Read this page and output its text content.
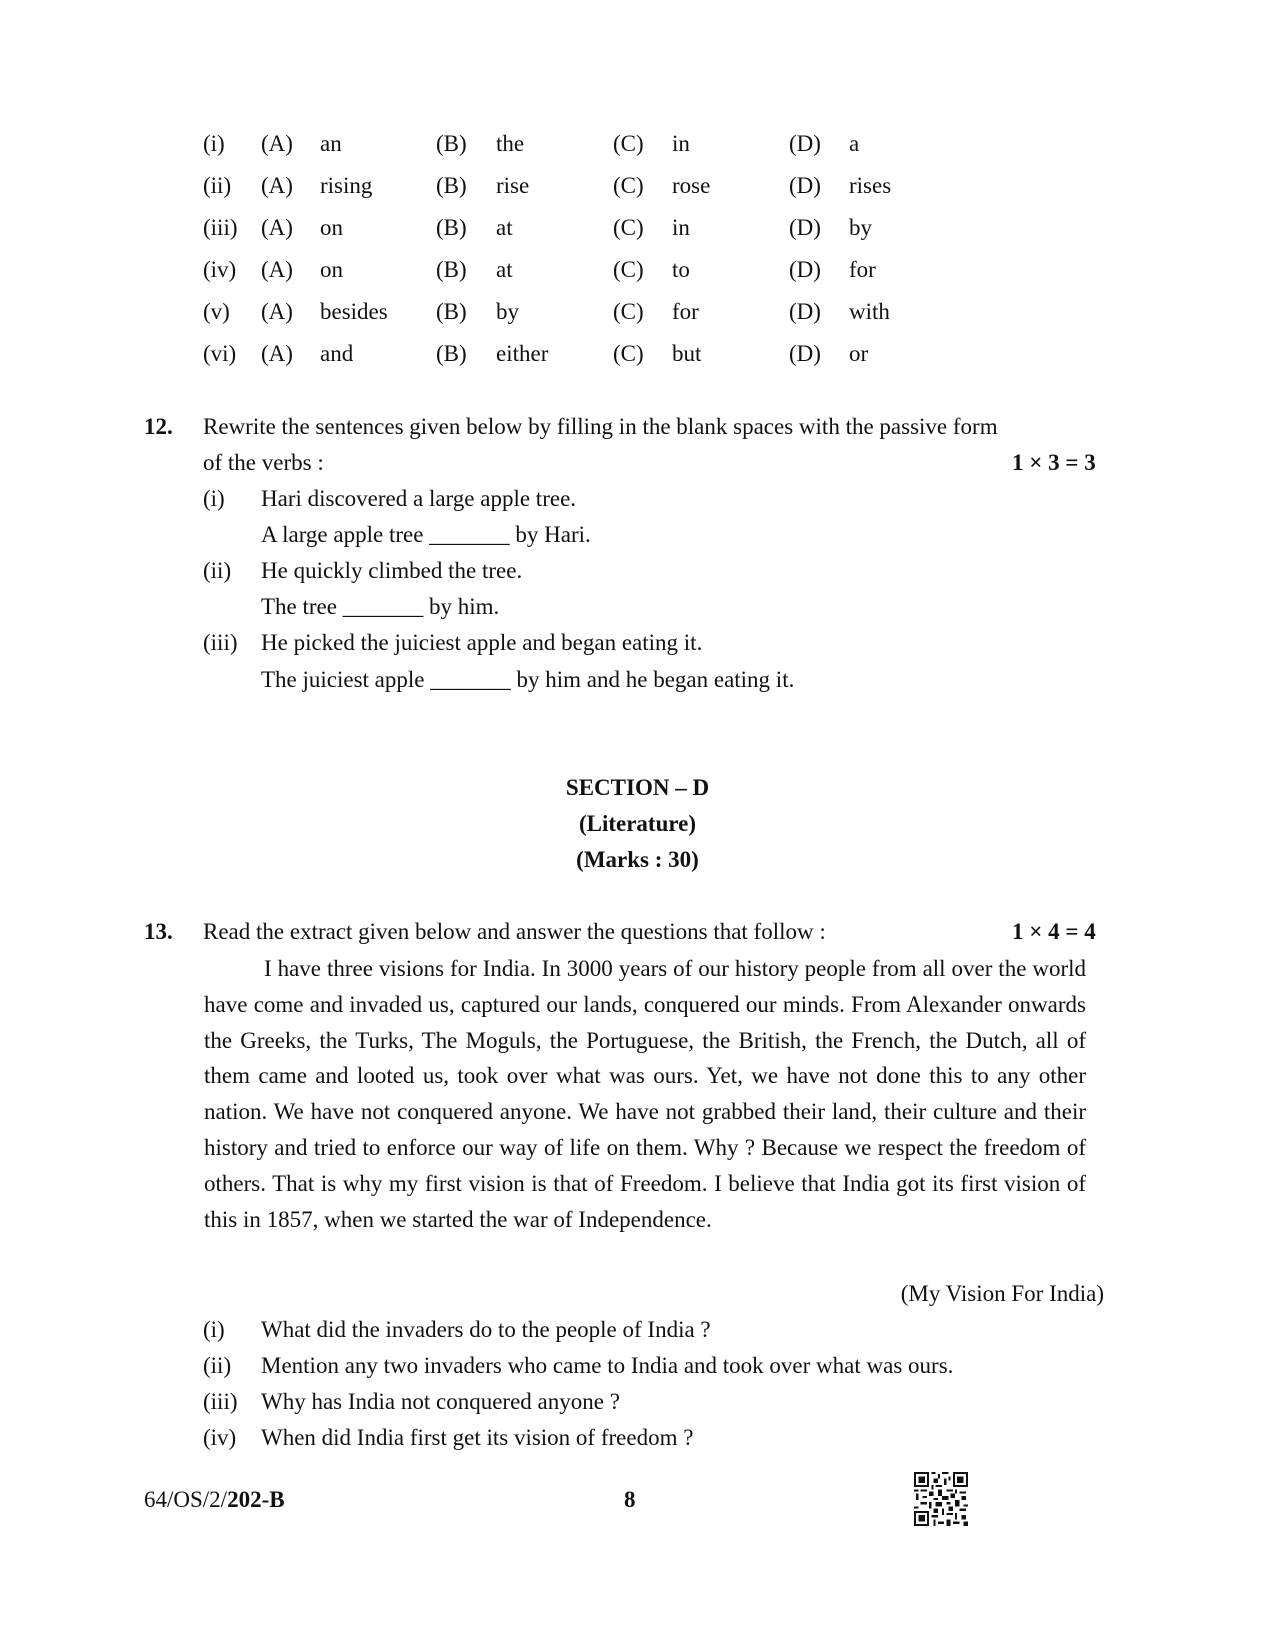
(i) (A) an	(B) the	(C) in	(D) a
(ii) (A) rising	(B) rise	(C) rose	(D) rises
(iii) (A) on	(B) at	(C) in	(D) by
(iv) (A) on	(B) at	(C) to	(D) for
(v) (A) besides (B) by	(C) for	(D) with
(vi) (A) and	(B) either	(C) but	(D) or
12. Rewrite the sentences given below by filling in the blank spaces with the passive form
of the verbs :	1 × 3 = 3
(i) Hari discovered a large apple tree.
A large apple tree _______ by Hari.
(ii) He quickly climbed the tree.
The tree _______ by him.
(iii) He picked the juiciest apple and began eating it.
The juiciest apple _______ by him and he began eating it.
SECTION – D
(Literature)
(Marks : 30)
13. Read the extract given below and answer the questions that follow :	1 × 4 = 4
I have three visions for India. In 3000 years of our history people from all over the world have come and invaded us, captured our lands, conquered our minds. From Alexander onwards the Greeks, the Turks, The Moguls, the Portuguese, the British, the French, the Dutch, all of them came and looted us, took over what was ours. Yet, we have not done this to any other nation. We have not conquered anyone. We have not grabbed their land, their culture and their history and tried to enforce our way of life on them. Why ? Because we respect the freedom of others. That is why my first vision is that of Freedom. I believe that India got its first vision of this in 1857, when we started the war of Independence.
(My Vision For India)
(i) What did the invaders do to the people of India ?
(ii) Mention any two invaders who came to India and took over what was ours.
(iii) Why has India not conquered anyone ?
(iv) When did India first get its vision of freedom ?
64/OS/2/202-B	8
